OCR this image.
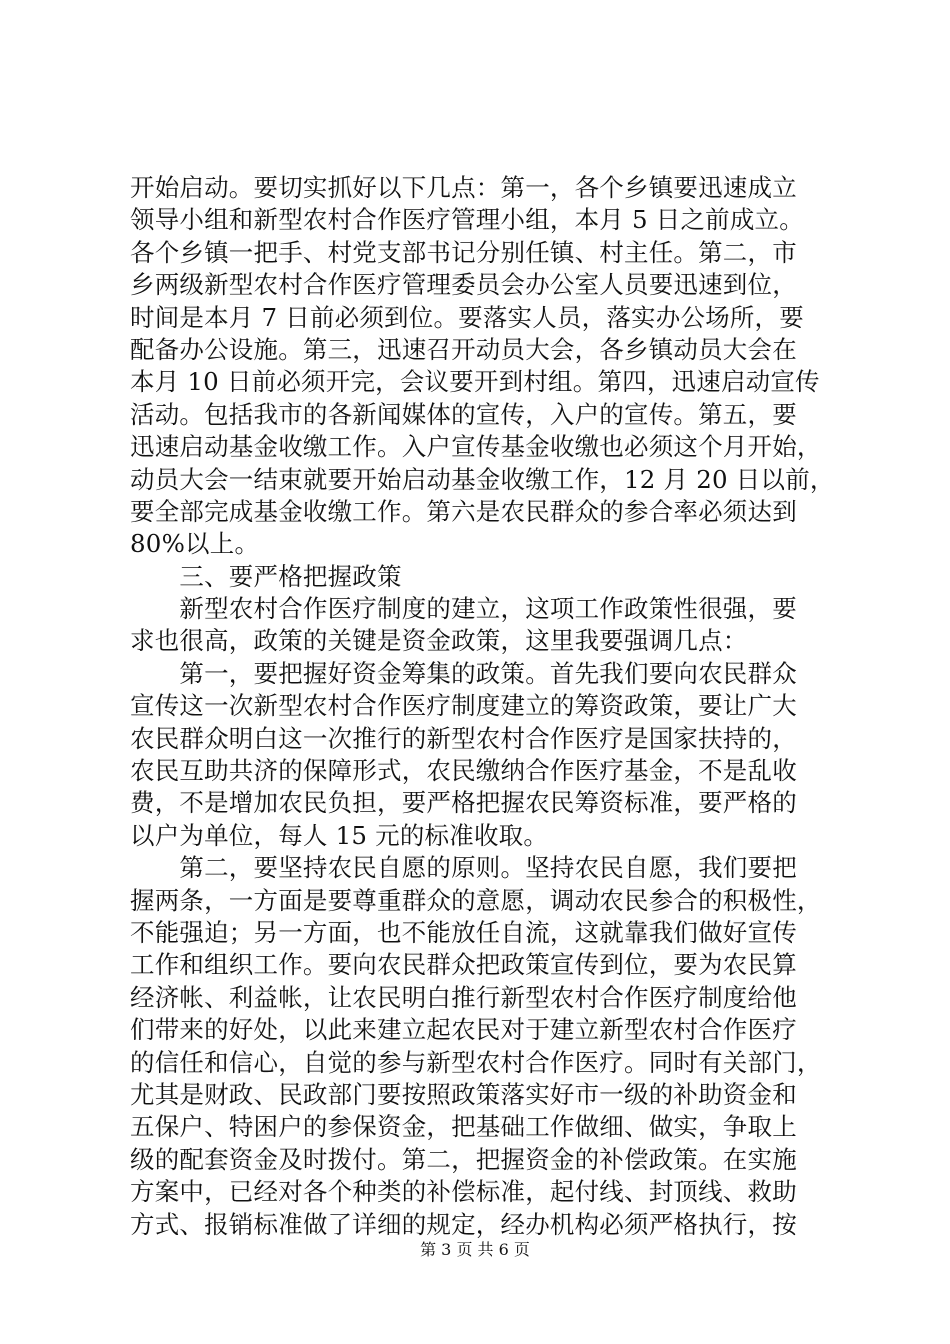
开始启动。要切实抓好以下几点：第一，各个乡镇要迅速成立
领导小组和新型农村合作医疗管理小组，本月 5 日之前成立。
各个乡镇一把手、村党支部书记分别任镇、村主任。第二，市
乡两级新型农村合作医疗管理委员会办公室人员要迅速到位，
时间是本月 7 日前必须到位。要落实人员，落实办公场所，要
配备办公设施。第三，迅速召开动员大会，各乡镇动员大会在
本月 10 日前必须开完，会议要开到村组。第四，迅速启动宣传
活动。包括我市的各新闻媒体的宣传，入户的宣传。第五，要
迅速启动基金收缴工作。入户宣传基金收缴也必须这个月开始，
动员大会一结束就要开始启动基金收缴工作，12 月 20 日以前，
要全部完成基金收缴工作。第六是农民群众的参合率必须达到
80%以上。
　　三、要严格把握政策
　　新型农村合作医疗制度的建立，这项工作政策性很强，要
求也很高，政策的关键是资金政策，这里我要强调几点：
　　第一，要把握好资金筹集的政策。首先我们要向农民群众
宣传这一次新型农村合作医疗制度建立的筹资政策，要让广大
农民群众明白这一次推行的新型农村合作医疗是国家扶持的，
农民互助共济的保障形式，农民缴纳合作医疗基金，不是乱收
费，不是增加农民负担，要严格把握农民筹资标准，要严格的
以户为单位，每人 15 元的标准收取。
　　第二，要坚持农民自愿的原则。坚持农民自愿，我们要把
握两条，一方面是要尊重群众的意愿，调动农民参合的积极性，
不能强迫；另一方面，也不能放任自流，这就靠我们做好宣传
工作和组织工作。要向农民群众把政策宣传到位，要为农民算
经济帐、利益帐，让农民明白推行新型农村合作医疗制度给他
们带来的好处，以此来建立起农民对于建立新型农村合作医疗
的信任和信心，自觉的参与新型农村合作医疗。同时有关部门，
尤其是财政、民政部门要按照政策落实好市一级的补助资金和
五保户、特困户的参保资金，把基础工作做细、做实，争取上
级的配套资金及时拨付。第二，把握资金的补偿政策。在实施
方案中，已经对各个种类的补偿标准，起付线、封顶线、救助
方式、报销标准做了详细的规定，经办机构必须严格执行，按
第 3 页 共 6 页
